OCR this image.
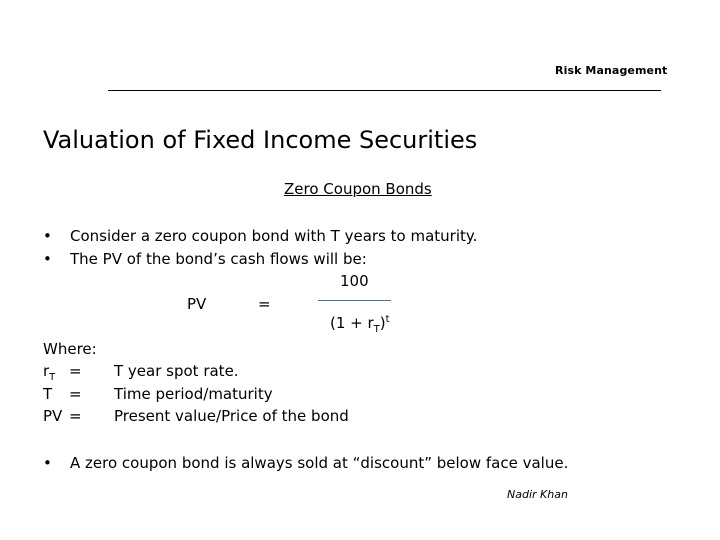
Risk Management
Valuation of Fixed Income Securities
Zero Coupon Bonds
• Consider a zero coupon bond with T years to maturity.
• The PV of the bond’s cash flows will be:
100
PV	=
$(1 + r_T)^t$
Where:
$r_T = T$ year spot rate.
T = Time period/maturity
PV = Present value/Price of the bond
• A zero coupon bond is always sold at “discount” below face value.
Nadir Khan
